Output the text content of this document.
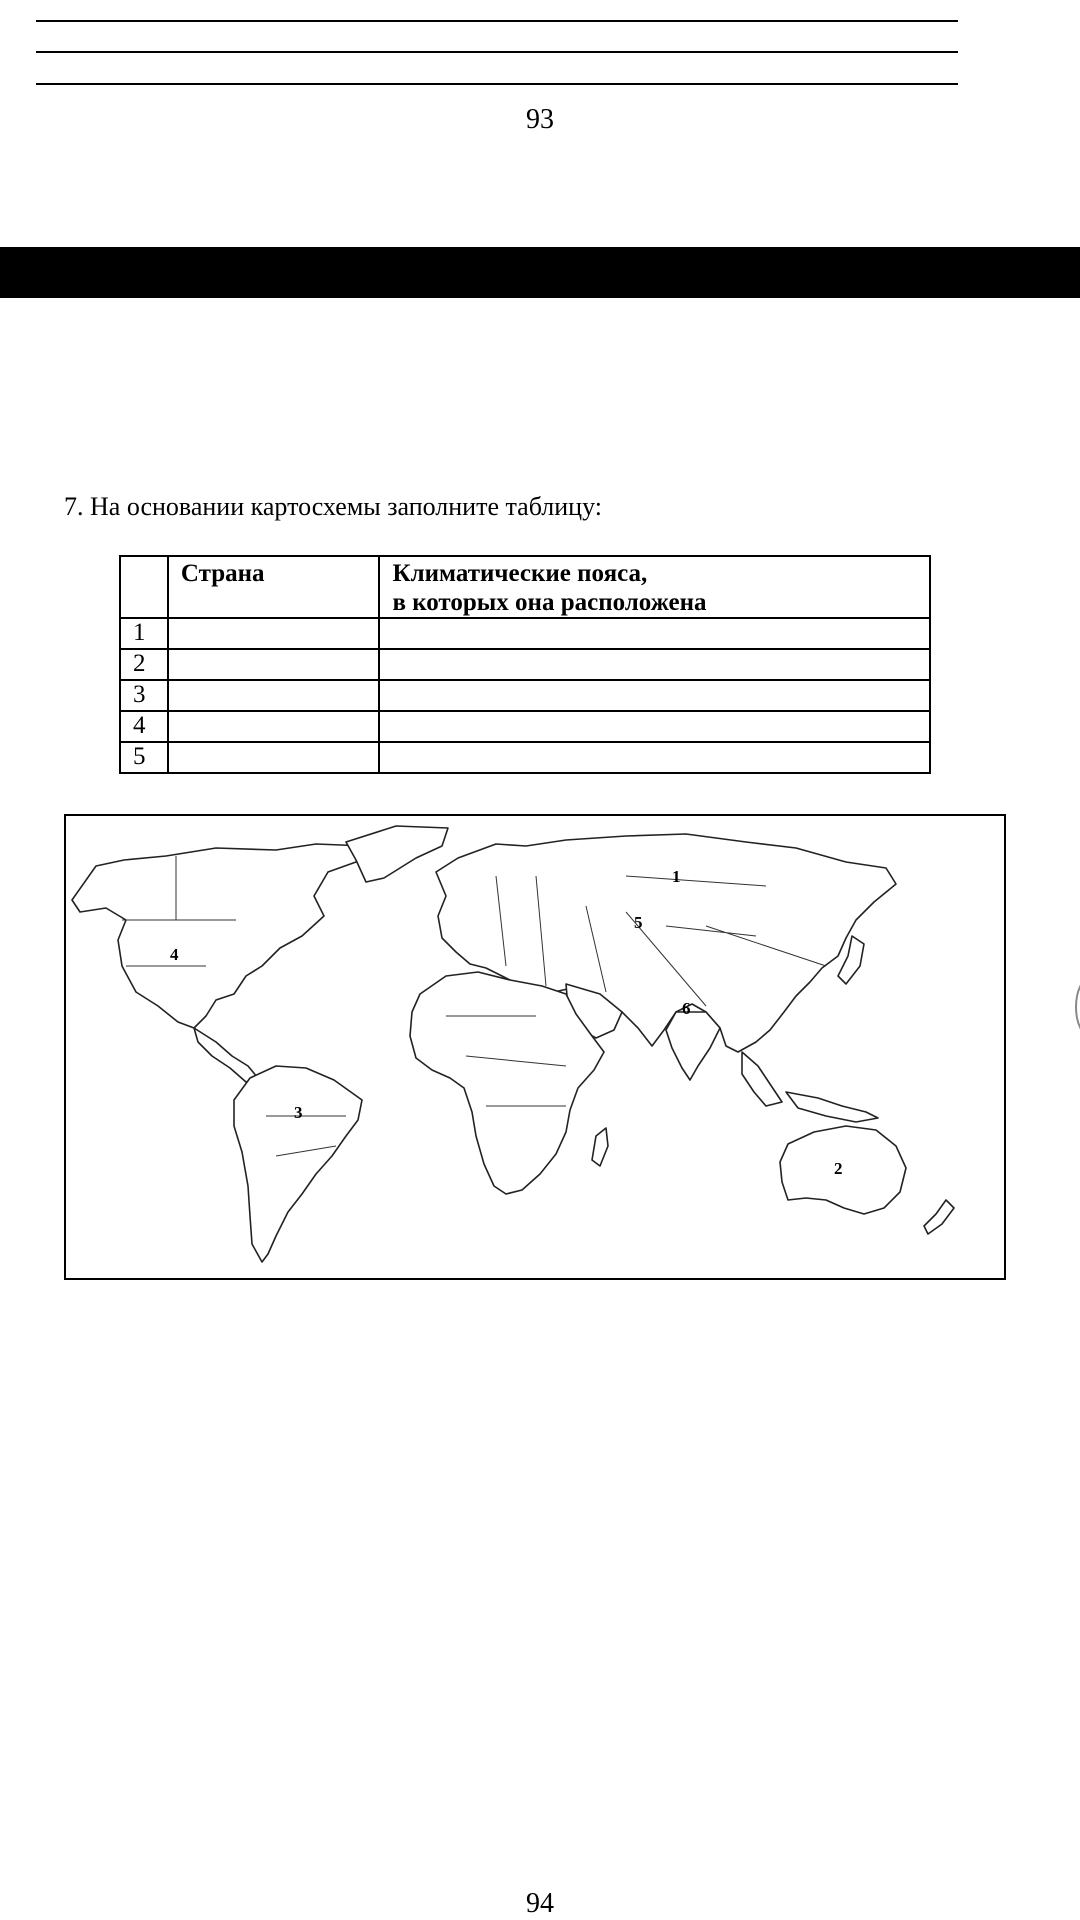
93
7. На основании картосхемы заполните таблицу:
	Страна	Климатические пояса,
в которых она расположена
1		
2		
3		
4		
5		
1
2
3
4
5
6
94
